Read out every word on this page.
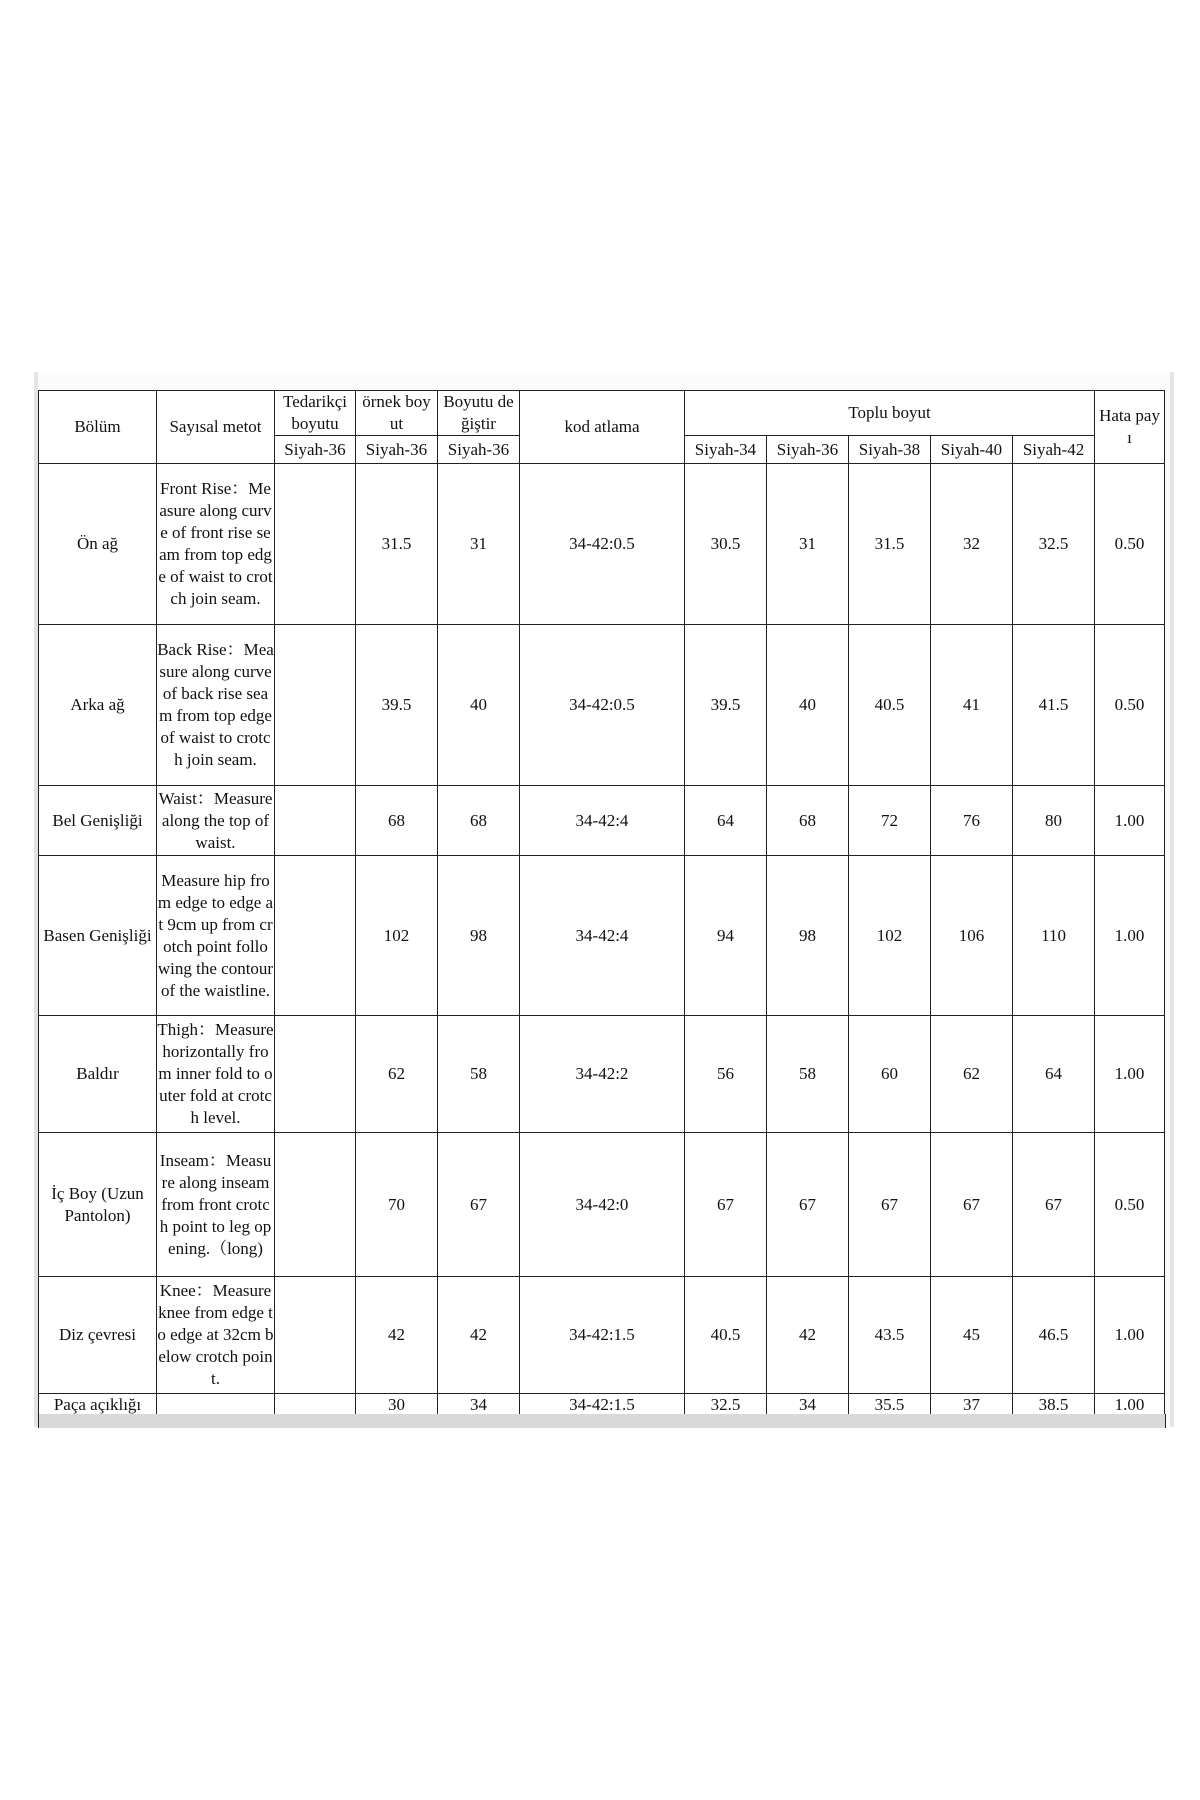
Bölüm	Sayısal metot	Tedarikçi boyutu	örnek boy ut	Boyutu de ğiştir	kod atlama	Toplu boyut					Hata pay ı
		Siyah-36	Siyah-36	Siyah-36		Siyah-34	Siyah-36	Siyah-38	Siyah-40	Siyah-42	
Ön ağ	Front Rise：Measure along curve of front rise seam from top edge of waist to crotch join seam.		31.5	31	34-42:0.5	30.5	31	31.5	32	32.5	0.50
Arka ağ	Back Rise：Measure along curve of back rise seam from top edge of waist to crotch join seam.		39.5	40	34-42:0.5	39.5	40	40.5	41	41.5	0.50
Bel Genişliği	Waist：Measure along the top of waist.		68	68	34-42:4	64	68	72	76	80	1.00
Basen Genişliği	Measure hip from edge to edge at 9cm up from crotch point following the contour of the waistline.		102	98	34-42:4	94	98	102	106	110	1.00
Baldır	Thigh：Measure horizontally from inner fold to outer fold at crotch level.		62	58	34-42:2	56	58	60	62	64	1.00
İç Boy (Uzun Pantolon)	Inseam：Measure along inseam from front crotch point to leg opening.（long)		70	67	34-42:0	67	67	67	67	67	0.50
Diz çevresi	Knee：Measure knee from edge to edge at 32cm below crotch point.		42	42	34-42:1.5	40.5	42	43.5	45	46.5	1.00
Paça açıklığı			30	34	34-42:1.5	32.5	34	35.5	37	38.5	1.00
